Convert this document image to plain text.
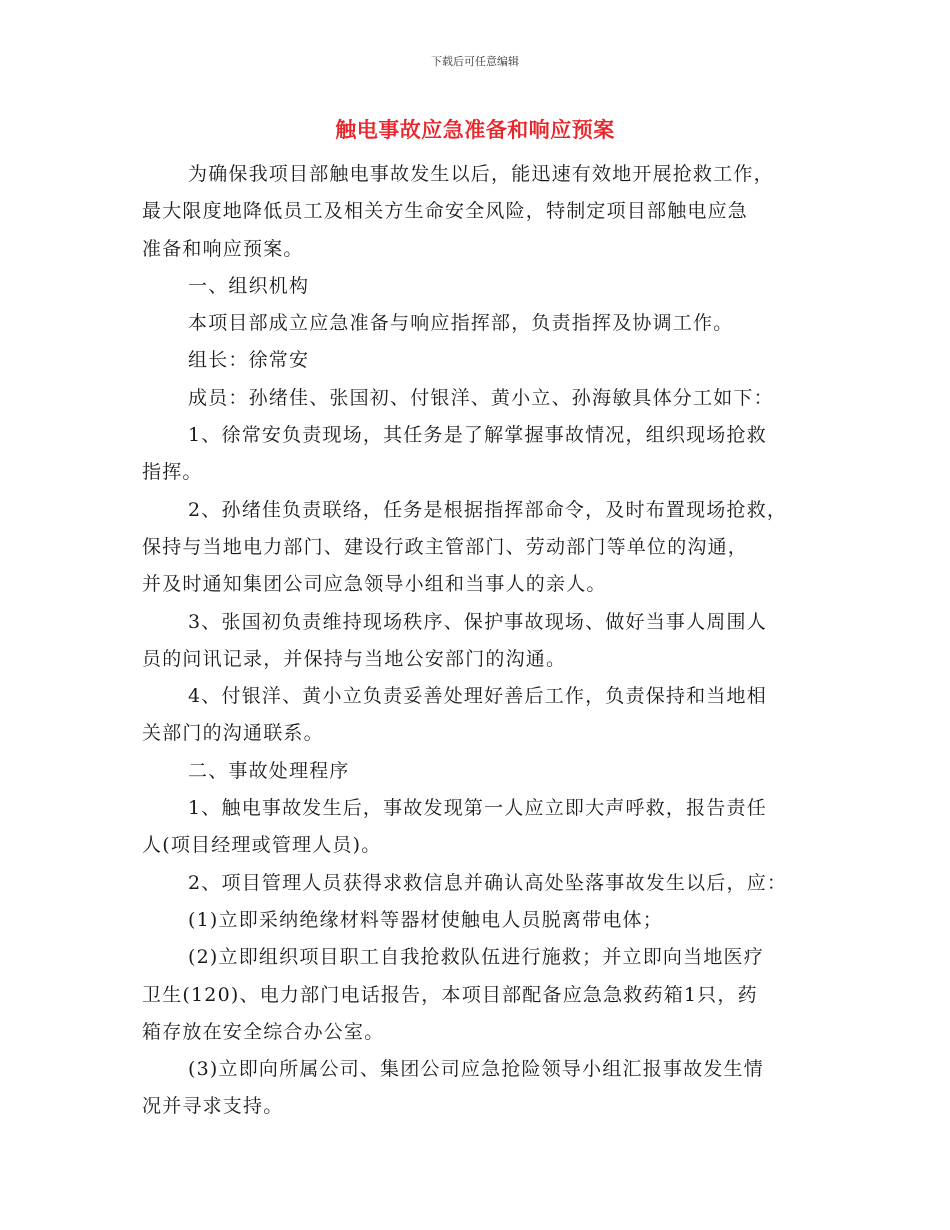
下载后可任意编辑
触电事故应急准备和响应预案
为确保我项目部触电事故发生以后，能迅速有效地开展抢救工作，
最大限度地降低员工及相关方生命安全风险，特制定项目部触电应急
准备和响应预案。
一、组织机构
本项目部成立应急准备与响应指挥部，负责指挥及协调工作。
组长：徐常安
成员：孙绪佳、张国初、付银洋、黄小立、孙海敏具体分工如下：
1、徐常安负责现场，其任务是了解掌握事故情况，组织现场抢救
指挥。
2、孙绪佳负责联络，任务是根据指挥部命令，及时布置现场抢救，
保持与当地电力部门、建设行政主管部门、劳动部门等单位的沟通，
并及时通知集团公司应急领导小组和当事人的亲人。
3、张国初负责维持现场秩序、保护事故现场、做好当事人周围人
员的问讯记录，并保持与当地公安部门的沟通。
4、付银洋、黄小立负责妥善处理好善后工作，负责保持和当地相
关部门的沟通联系。
二、事故处理程序
1、触电事故发生后，事故发现第一人应立即大声呼救，报告责任
人(项目经理或管理人员)。
2、项目管理人员获得求救信息并确认高处坠落事故发生以后，应：
(1)立即采纳绝缘材料等器材使触电人员脱离带电体；
(2)立即组织项目职工自我抢救队伍进行施救；并立即向当地医疗
卫生(120)、电力部门电话报告，本项目部配备应急急救药箱1只，药
箱存放在安全综合办公室。
(3)立即向所属公司、集团公司应急抢险领导小组汇报事故发生情
况并寻求支持。
